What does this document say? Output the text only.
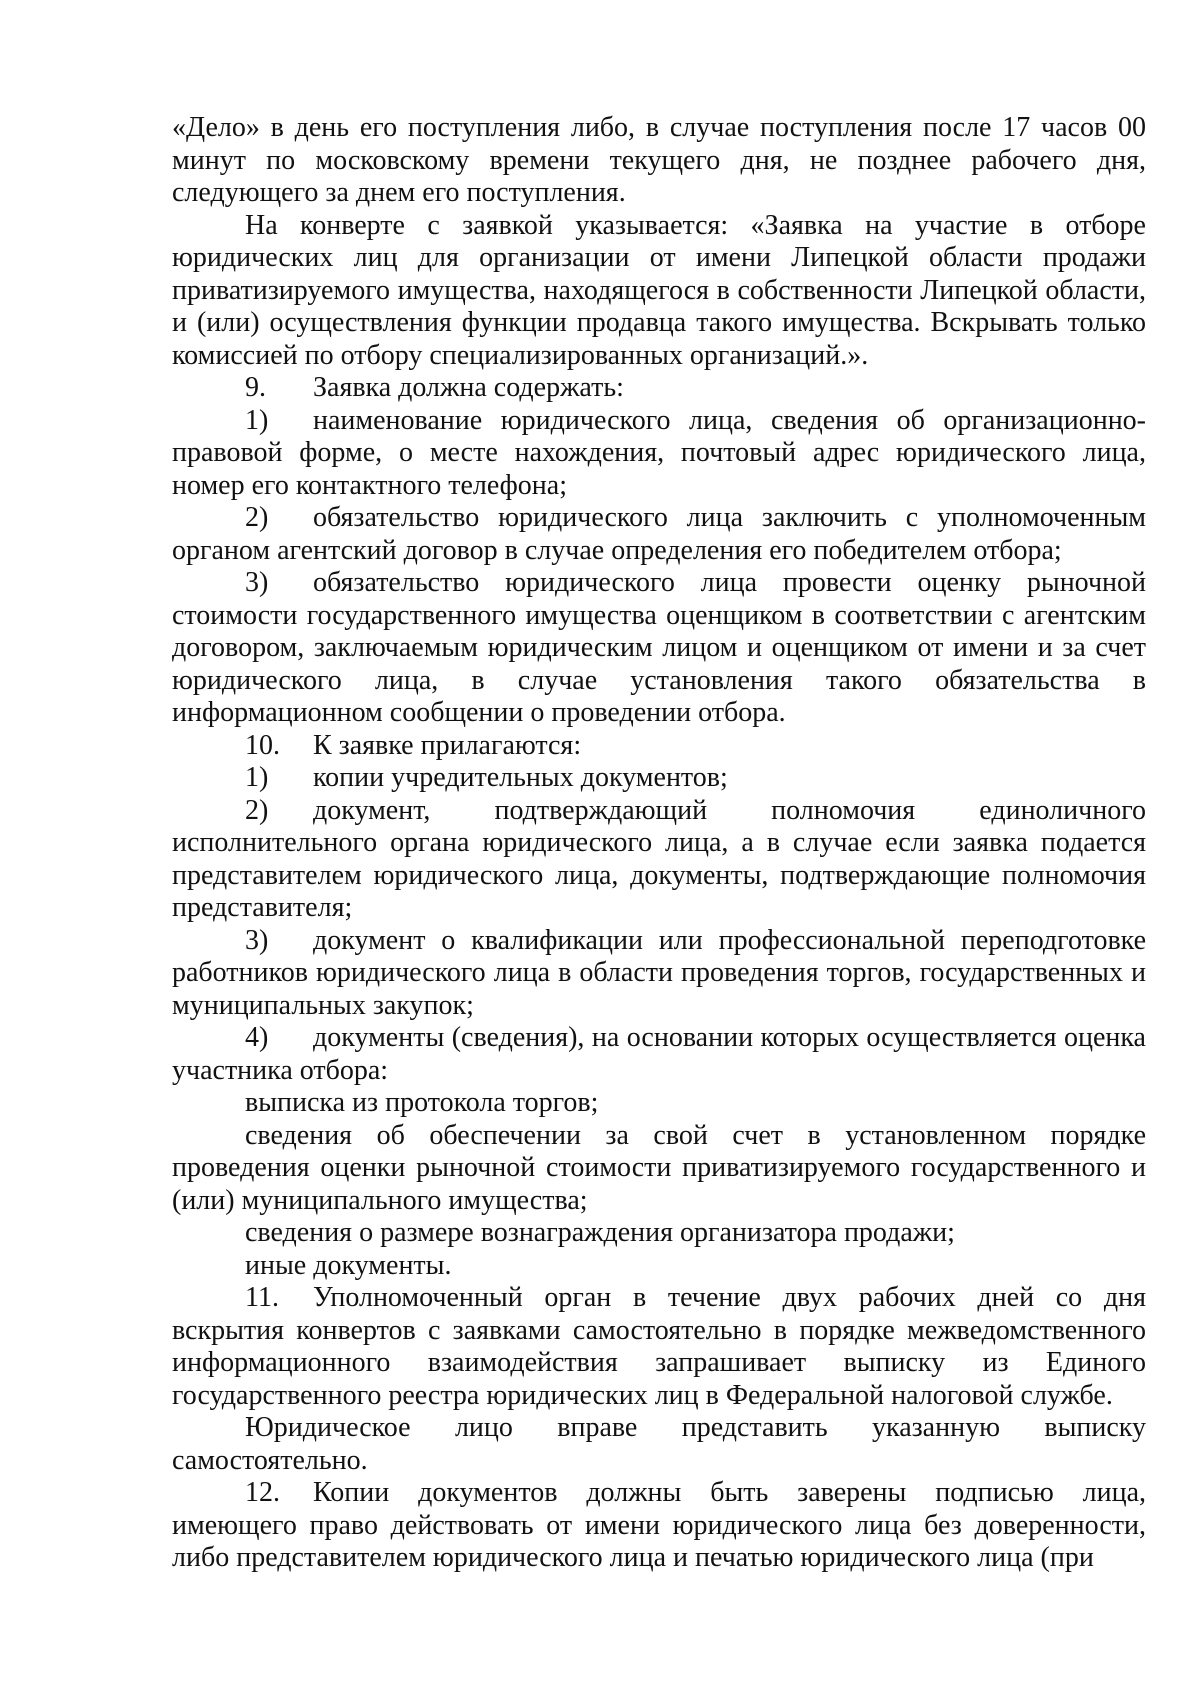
«Дело» в день его поступления либо, в случае поступления после 17 часов 00 минут по московскому времени текущего дня, не позднее рабочего дня, следующего за днем его поступления.

На конверте с заявкой указывается: «Заявка на участие в отборе юридических лиц для организации от имени Липецкой области продажи приватизируемого имущества, находящегося в собственности Липецкой области, и (или) осуществления функции продавца такого имущества. Вскрывать только комиссией по отбору специализированных организаций.».

9. Заявка должна содержать:

1) наименование юридического лица, сведения об организационно-правовой форме, о месте нахождения, почтовый адрес юридического лица, номер его контактного телефона;

2) обязательство юридического лица заключить с уполномоченным органом агентский договор в случае определения его победителем отбора;

3) обязательство юридического лица провести оценку рыночной стоимости государственного имущества оценщиком в соответствии с агентским договором, заключаемым юридическим лицом и оценщиком от имени и за счет юридического лица, в случае установления такого обязательства в информационном сообщении о проведении отбора.

10. К заявке прилагаются:

1) копии учредительных документов;

2) документ, подтверждающий полномочия единоличного исполнительного органа юридического лица, а в случае если заявка подается представителем юридического лица, документы, подтверждающие полномочия представителя;

3) документ о квалификации или профессиональной переподготовке работников юридического лица в области проведения торгов, государственных и муниципальных закупок;

4) документы (сведения), на основании которых осуществляется оценка участника отбора:

выписка из протокола торгов;

сведения об обеспечении за свой счет в установленном порядке проведения оценки рыночной стоимости приватизируемого государственного и (или) муниципального имущества;

сведения о размере вознаграждения организатора продажи;

иные документы.

11. Уполномоченный орган в течение двух рабочих дней со дня вскрытия конвертов с заявками самостоятельно в порядке межведомственного информационного взаимодействия запрашивает выписку из Единого государственного реестра юридических лиц в Федеральной налоговой службе.

Юридическое лицо вправе представить указанную выписку самостоятельно.

12. Копии документов должны быть заверены подписью лица, имеющего право действовать от имени юридического лица без доверенности, либо представителем юридического лица и печатью юридического лица (при
